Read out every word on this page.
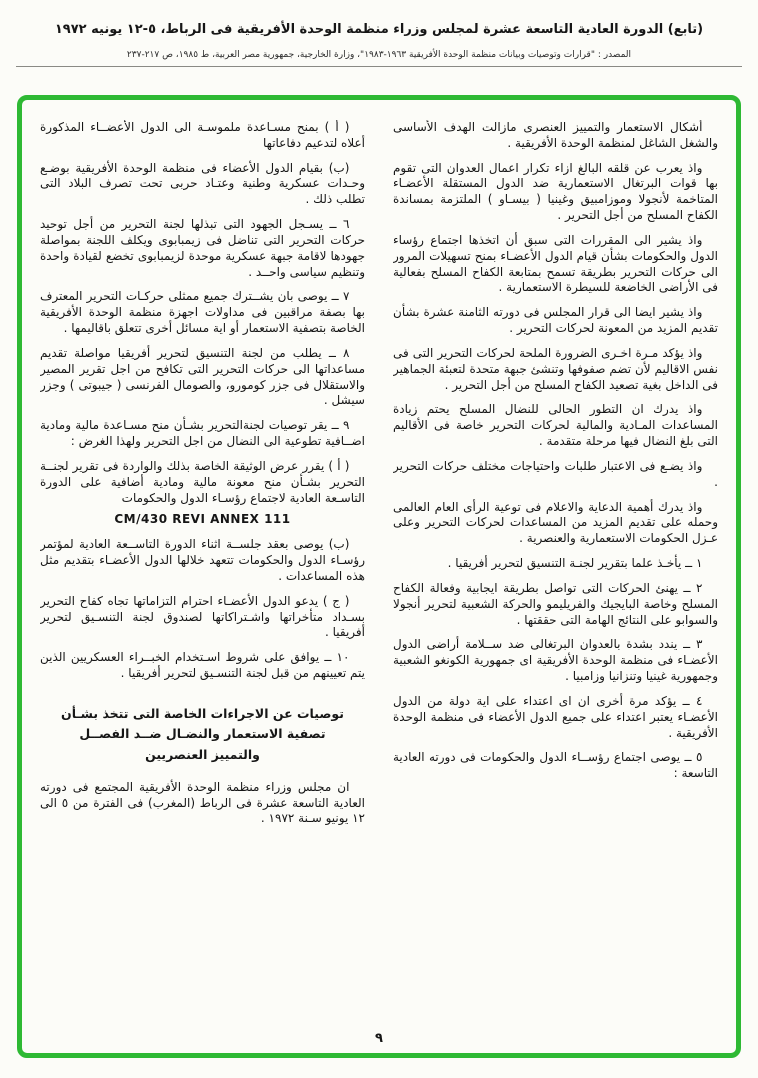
(تابع) الدورة العادية التاسعة عشرة لمجلس وزراء منظمة الوحدة الأفريقية فى الرباط، ٥-١٢ يونيه ١٩٧٢
المصدر : "قرارات وتوصيات وبيانات منظمة الوحدة الأفريقية ١٩٦٣-١٩٨٣"، وزارة الخارجية، جمهورية مصر العربية، ط ١٩٨٥، ص ٢١٧-٢٣٧

أشكال الاستعمار والتمييز العنصرى مازالت الهدف الأساسى والشغل الشاغل لمنظمة الوحدة الأفريقية .

واذ يعرب عن قلقه البالغ ازاء تكرار اعمال العدوان التى تقوم بها قوات البرتغال الاستعمارية ضد الدول المستقلة الأعضـاء المتاخمة لأنجولا وموزامبيق وغينيا ( بيسـاو ) الملتزمة بمساندة الكفاح المسلح من أجل التحرير .

واذ يشير الى المقررات التى سبق أن اتخذها اجتماع رؤساء الدول والحكومات بشأن قيام الدول الأعضـاء بمنح تسهيلات المرور الى حركات التحرير بطريقة تسمح بمتابعة الكفاح المسلح بفعالية فى الأراضى الخاضعة للسيطرة الاستعمارية .

واذ يشير ايضا الى قرار المجلس فى دورته الثامنة عشرة بشأن تقديم المزيد من المعونة لحركات التحرير .

واذ يؤكد مـرة اخـرى الضرورة الملحة لحركات التحرير التى فى نفس الاقاليم لأن تضم صفوفها وتنشئ جبهة متحدة لتعبئة الجماهير فى الداخل بغية تصعيد الكفاح المسلح من أجل التحرير .

واذ يدرك ان التطور الحالى للنضال المسلح يحتم زيادة المساعدات المـادية والمالية لحركات التحرير خاصة فى الأقاليم التى بلغ النضال فيها مرحلة متقدمة .

واذ يضـع فى الاعتبار طلبات واحتياجات مختلف حركات التحرير .

واذ يدرك أهمية الدعاية والاعلام فى توعية الرأى العام العالمى وحمله على تقديم المزيد من المساعدات لحركات التحرير وعلى عـزل الحكومات الاستعمارية والعنصرية .

١ ــ يأخـذ علما بتقرير لجنـة التنسيق لتحرير أفريقيا .

٢ ــ يهنئ الحركات التى تواصل بطريقة ايجابية وفعالة الكفاح المسلح وخاصة البايجيك والفريليمو والحركة الشعبية لتحرير أنجولا والسوابو على النتائج الهامة التى حققتها .

٣ ــ يندد بشدة بالعدوان البرتغالى ضد ســلامة أراضى الدول الأعضـاء فى منظمة الوحدة الأفريقية اى جمهورية الكونغو الشعبية وجمهورية غينيا وتنزانيا وزامبيا .

٤ ــ يؤكد مرة أخرى ان اى اعتداء على اية دولة من الدول الأعضـاء يعتبر اعتداء على جميع الدول الأعضاء فى منظمة الوحدة الأفريقية .

٥ ــ يوصى اجتماع رؤســاء الدول والحكومات فى دورته العادية التاسعة :

( أ ) بمنح مسـاعدة ملموسـة الى الدول الأعضــاء المذكورة أعلاه لتدعيم دفاعاتها

(ب) بقيام الدول الأعضاء فى منظمة الوحدة الأفريقية بوضـع وحـدات عسكرية وطنية وعتـاد حربى تحت تصرف البلاد التى تطلب ذلك .

٦ ــ يسـجل الجهود التى تبذلها لجنة التحرير من أجل توحيد حركات التحرير التى تناضل فى زيمبابوى ويكلف اللجنة بمواصلة جهودها لاقامة جبهة عسكرية موحدة لزيمبابوى تخضع لقيادة واحدة وتنظيم سياسى واحــد .

٧ ــ يوصى بان يشــترك جميع ممثلى حركـات التحرير المعترف بها بصفة مراقبين فى مداولات اجهزة منظمة الوحدة الأفريقية الخاصة بتصفية الاستعمار أو اية مسائل أخرى تتعلق باقاليمها .

٨ ــ يطلب من لجنة التنسيق لتحرير أفريقيا مواصلة تقديم مساعداتها الى حركات التحرير التى تكافح من اجل تقرير المصير والاستقلال فى جزر كومورو، والصومال الفرنسى ( جيبوتى ) وجزر سيشل .

٩ ــ يقر توصيات لجنةالتحرير بشـأن منح مسـاعدة مالية ومادية اضــافية تطوعية الى النضال من اجل التحرير ولهذا الغرض :

( أ ) يقرر عرض الوثيقة الخاصة بذلك والواردة فى تقرير لجنــة التحرير بشـأن منح معونة مالية ومادية أضافية على الدورة التاسـعة العادية لاجتماع رؤسـاء الدول والحكومات

CM/430 REVI ANNEX 111

(ب) يوصى بعقد جلســة اثناء الدورة التاســعة العادية لمؤتمر رؤسـاء الدول والحكومات تتعهد خلالها الدول الأعضـاء بتقديم مثل هذه المساعدات .

( ج ) يدعو الدول الأعضـاء احترام التزاماتها تجاه كفاح التحرير بسـداد متأخراتها واشـتراكاتها لصندوق لجنة التنسـيق لتحرير أفريقيا .

١٠ ــ يوافق على شروط اسـتخدام الخبــراء العسكريين الذين يتم تعيينهم من قبل لجنة التنسـيق لتحرير أفريقيا .

توصيات عن الاجراءات الخاصة التى تتخذ بشـأن تصفية الاستعمار والنضـال ضــد الفصــل والتمييز العنصريين

ان مجلس وزراء منظمة الوحدة الأفريقية المجتمع فى دورته العادية التاسعة عشرة فى الرباط (المغرب) فى الفترة من ٥ الى ١٢ يونيو سـنة ١٩٧٢ .

٩
